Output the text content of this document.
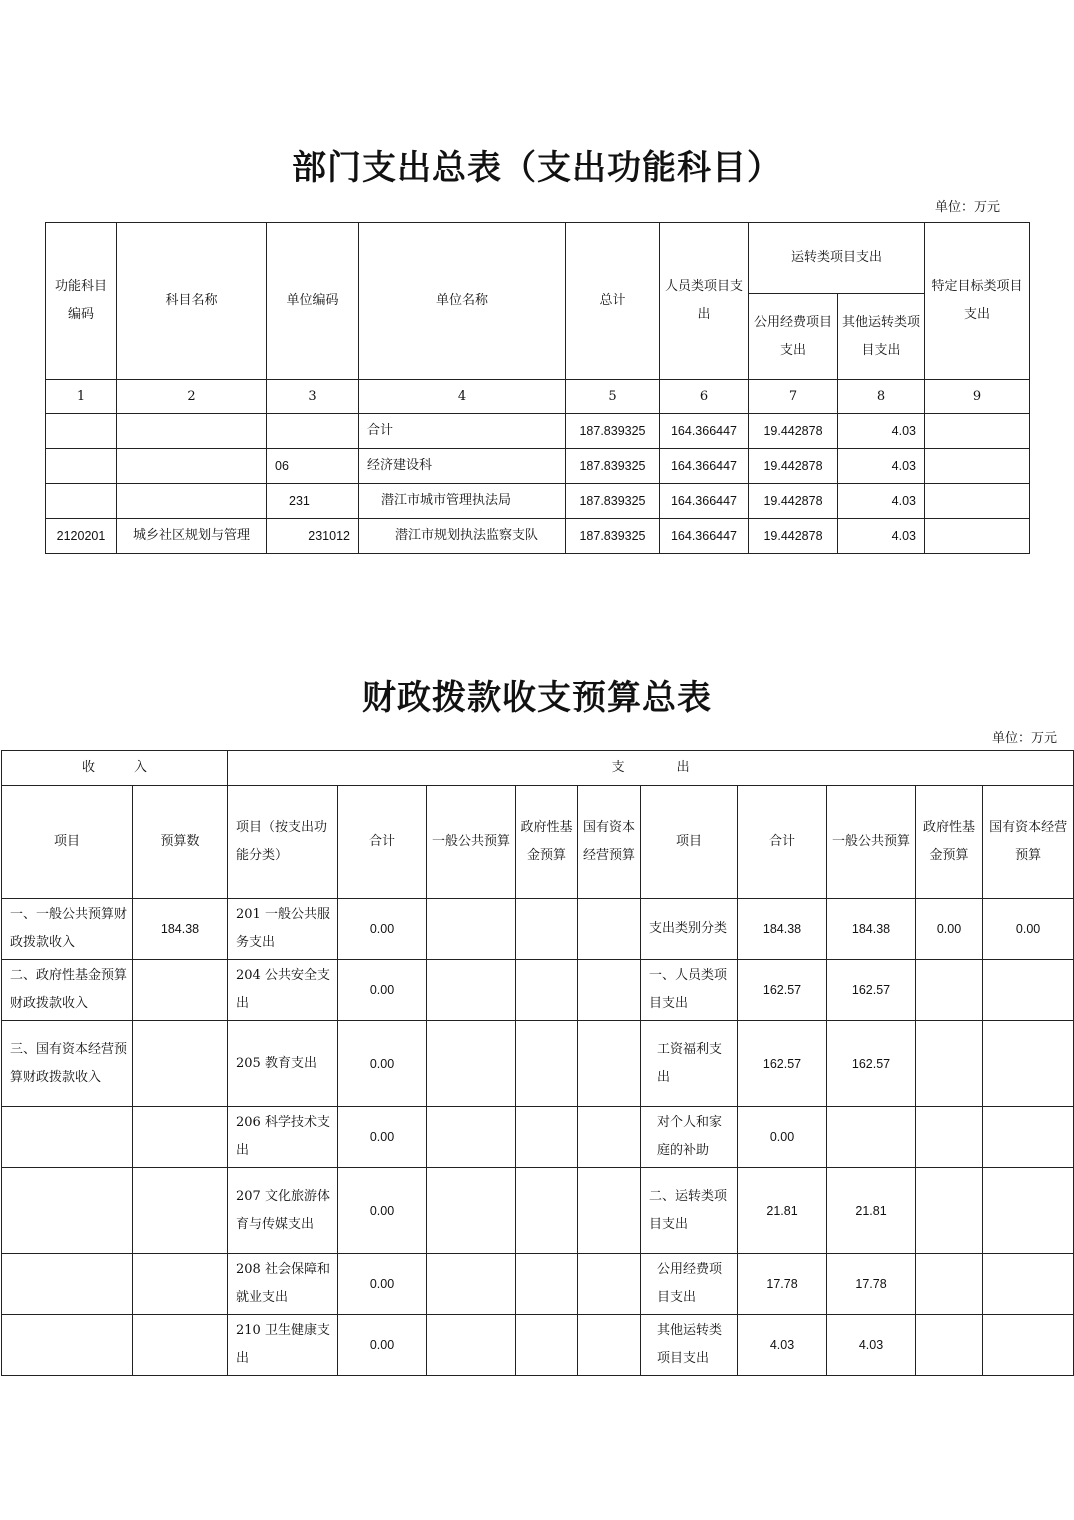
部门支出总表（支出功能科目）
单位：万元
功能科目编码	科目名称	单位编码	单位名称	总计	人员类项目支出	运转类项目支出		特定目标类项目支出
						公用经费项目支出	其他运转类项目支出	
1	2	3	4	5	6	7	8	9
			合计	187.839325	164.366447	19.442878	4.03	
		06	经济建设科	187.839325	164.366447	19.442878	4.03	
		231	潜江市城市管理执法局	187.839325	164.366447	19.442878	4.03	
2120201	城乡社区规划与管理	231012	潜江市规划执法监察支队	187.839325	164.366447	19.442878	4.03	
财政拨款收支预算总表
单位：万元
收　　　入		支　　　　出									
项目	预算数	项目（按支出功能分类）	合计	一般公共预算	政府性基金预算	国有资本经营预算	项目	合计	一般公共预算	政府性基金预算	国有资本经营预算
一、一般公共预算财政拨款收入	184.38	201 一般公共服务支出	0.00				支出类别分类	184.38	184.38	0.00	0.00
二、政府性基金预算财政拨款收入		204 公共安全支出	0.00				一、人员类项目支出	162.57	162.57		
三、国有资本经营预算财政拨款收入		205 教育支出	0.00				工资福利支出	162.57	162.57		
		206 科学技术支出	0.00				对个人和家庭的补助	0.00			
		207 文化旅游体育与传媒支出	0.00				二、运转类项目支出	21.81	21.81		
		208 社会保障和就业支出	0.00				公用经费项目支出	17.78	17.78		
		210 卫生健康支出	0.00				其他运转类项目支出	4.03	4.03		
